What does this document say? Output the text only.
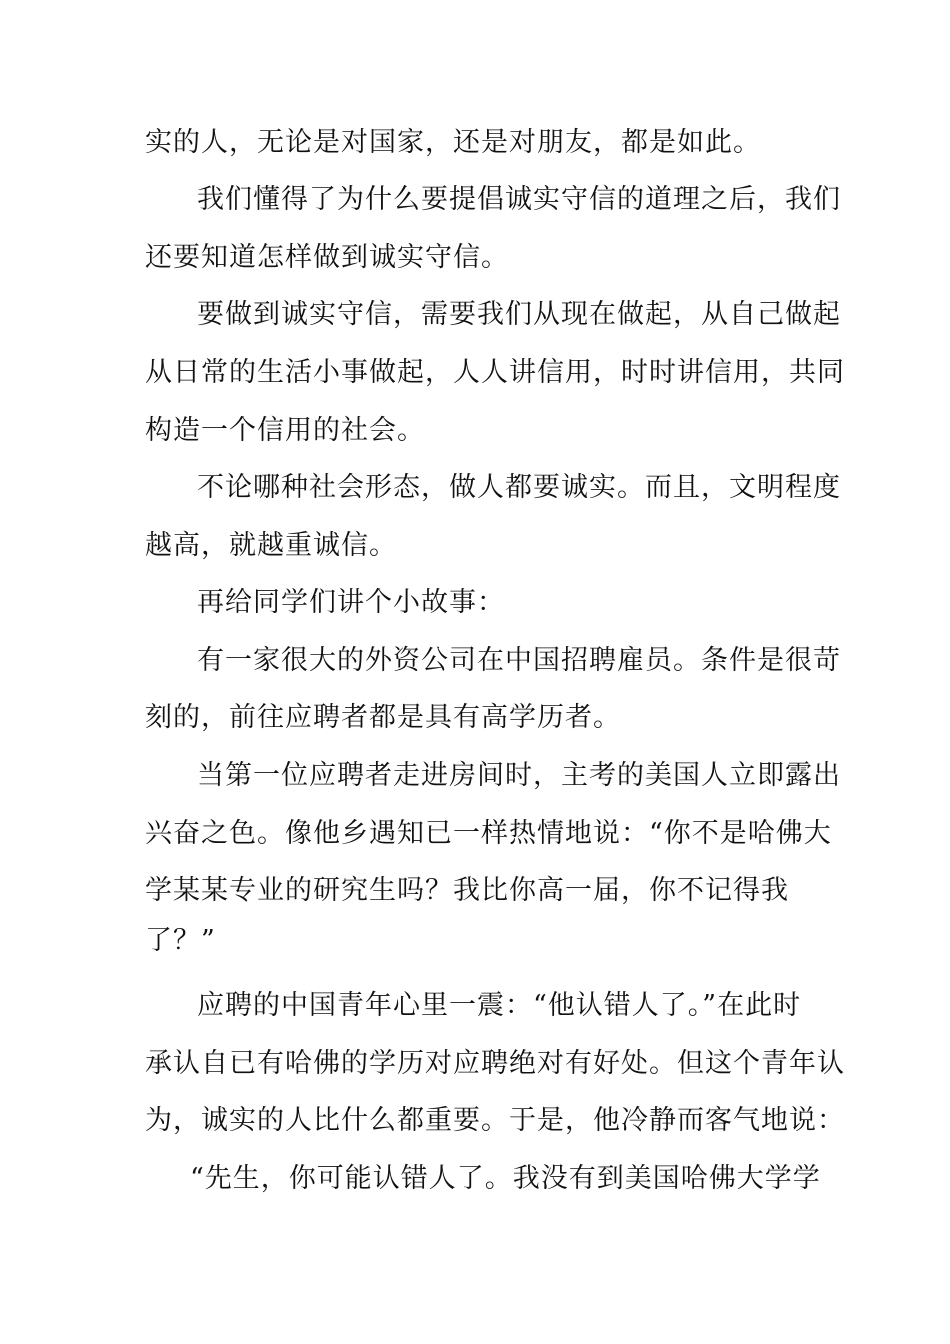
实的人，无论是对国家，还是对朋友，都是如此。
我们懂得了为什么要提倡诚实守信的道理之后，我们
还要知道怎样做到诚实守信。
要做到诚实守信，需要我们从现在做起，从自己做起
从日常的生活小事做起，人人讲信用，时时讲信用，共同
构造一个信用的社会。
不论哪种社会形态，做人都要诚实。而且，文明程度
越高，就越重诚信。
再给同学们讲个小故事：
有一家很大的外资公司在中国招聘雇员。条件是很苛
刻的，前往应聘者都是具有高学历者。
当第一位应聘者走进房间时，主考的美国人立即露出
兴奋之色。像他乡遇知已一样热情地说：“你不是哈佛大
学某某专业的研究生吗？我比你高一届，你不记得我
了？”
应聘的中国青年心里一震：“他认错人了。”在此时
承认自已有哈佛的学历对应聘绝对有好处。但这个青年认
为，诚实的人比什么都重要。于是，他冷静而客气地说：
“先生，你可能认错人了。我没有到美国哈佛大学学
